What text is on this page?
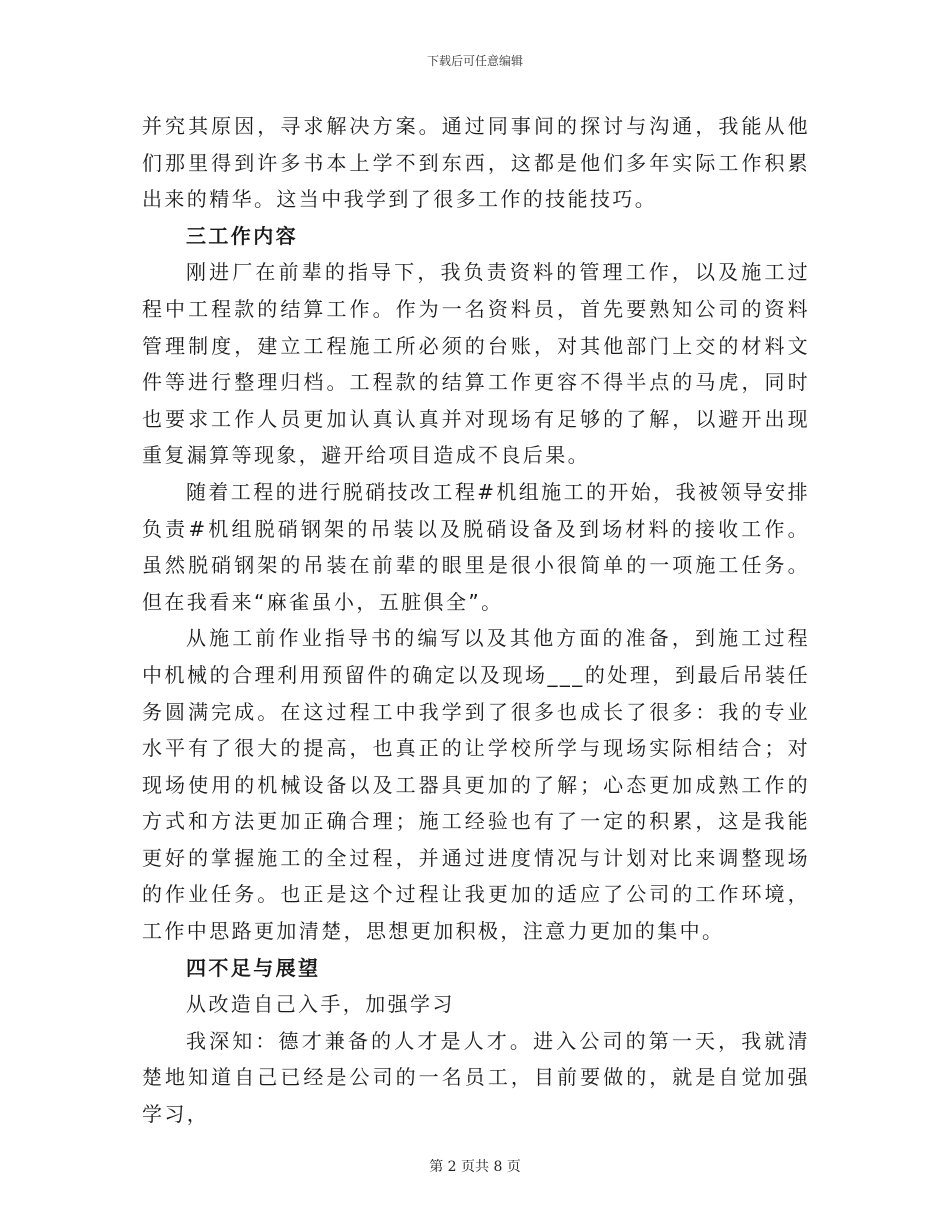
下载后可任意编辑

并究其原因，寻求解决方案。通过同事间的探讨与沟通，我能从他们那里得到许多书本上学不到东西，这都是他们多年实际工作积累出来的精华。这当中我学到了很多工作的技能技巧。

三工作内容

刚进厂在前辈的指导下，我负责资料的管理工作，以及施工过程中工程款的结算工作。作为一名资料员，首先要熟知公司的资料管理制度，建立工程施工所必须的台账，对其他部门上交的材料文件等进行整理归档。工程款的结算工作更容不得半点的马虎，同时也要求工作人员更加认真认真并对现场有足够的了解，以避开出现重复漏算等现象，避开给项目造成不良后果。

随着工程的进行脱硝技改工程#机组施工的开始，我被领导安排负责#机组脱硝钢架的吊装以及脱硝设备及到场材料的接收工作。虽然脱硝钢架的吊装在前辈的眼里是很小很简单的一项施工任务。但在我看来“麻雀虽小，五脏俱全”。

从施工前作业指导书的编写以及其他方面的准备，到施工过程中机械的合理利用预留件的确定以及现场___的处理，到最后吊装任务圆满完成。在这过程工中我学到了很多也成长了很多：我的专业水平有了很大的提高，也真正的让学校所学与现场实际相结合；对现场使用的机械设备以及工器具更加的了解；心态更加成熟工作的方式和方法更加正确合理；施工经验也有了一定的积累，这是我能更好的掌握施工的全过程，并通过进度情况与计划对比来调整现场的作业任务。也正是这个过程让我更加的适应了公司的工作环境，工作中思路更加清楚，思想更加积极，注意力更加的集中。

四不足与展望

从改造自己入手，加强学习

我深知：德才兼备的人才是人才。进入公司的第一天，我就清楚地知道自己已经是公司的一名员工，目前要做的，就是自觉加强学习，

第 2 页共 8 页
